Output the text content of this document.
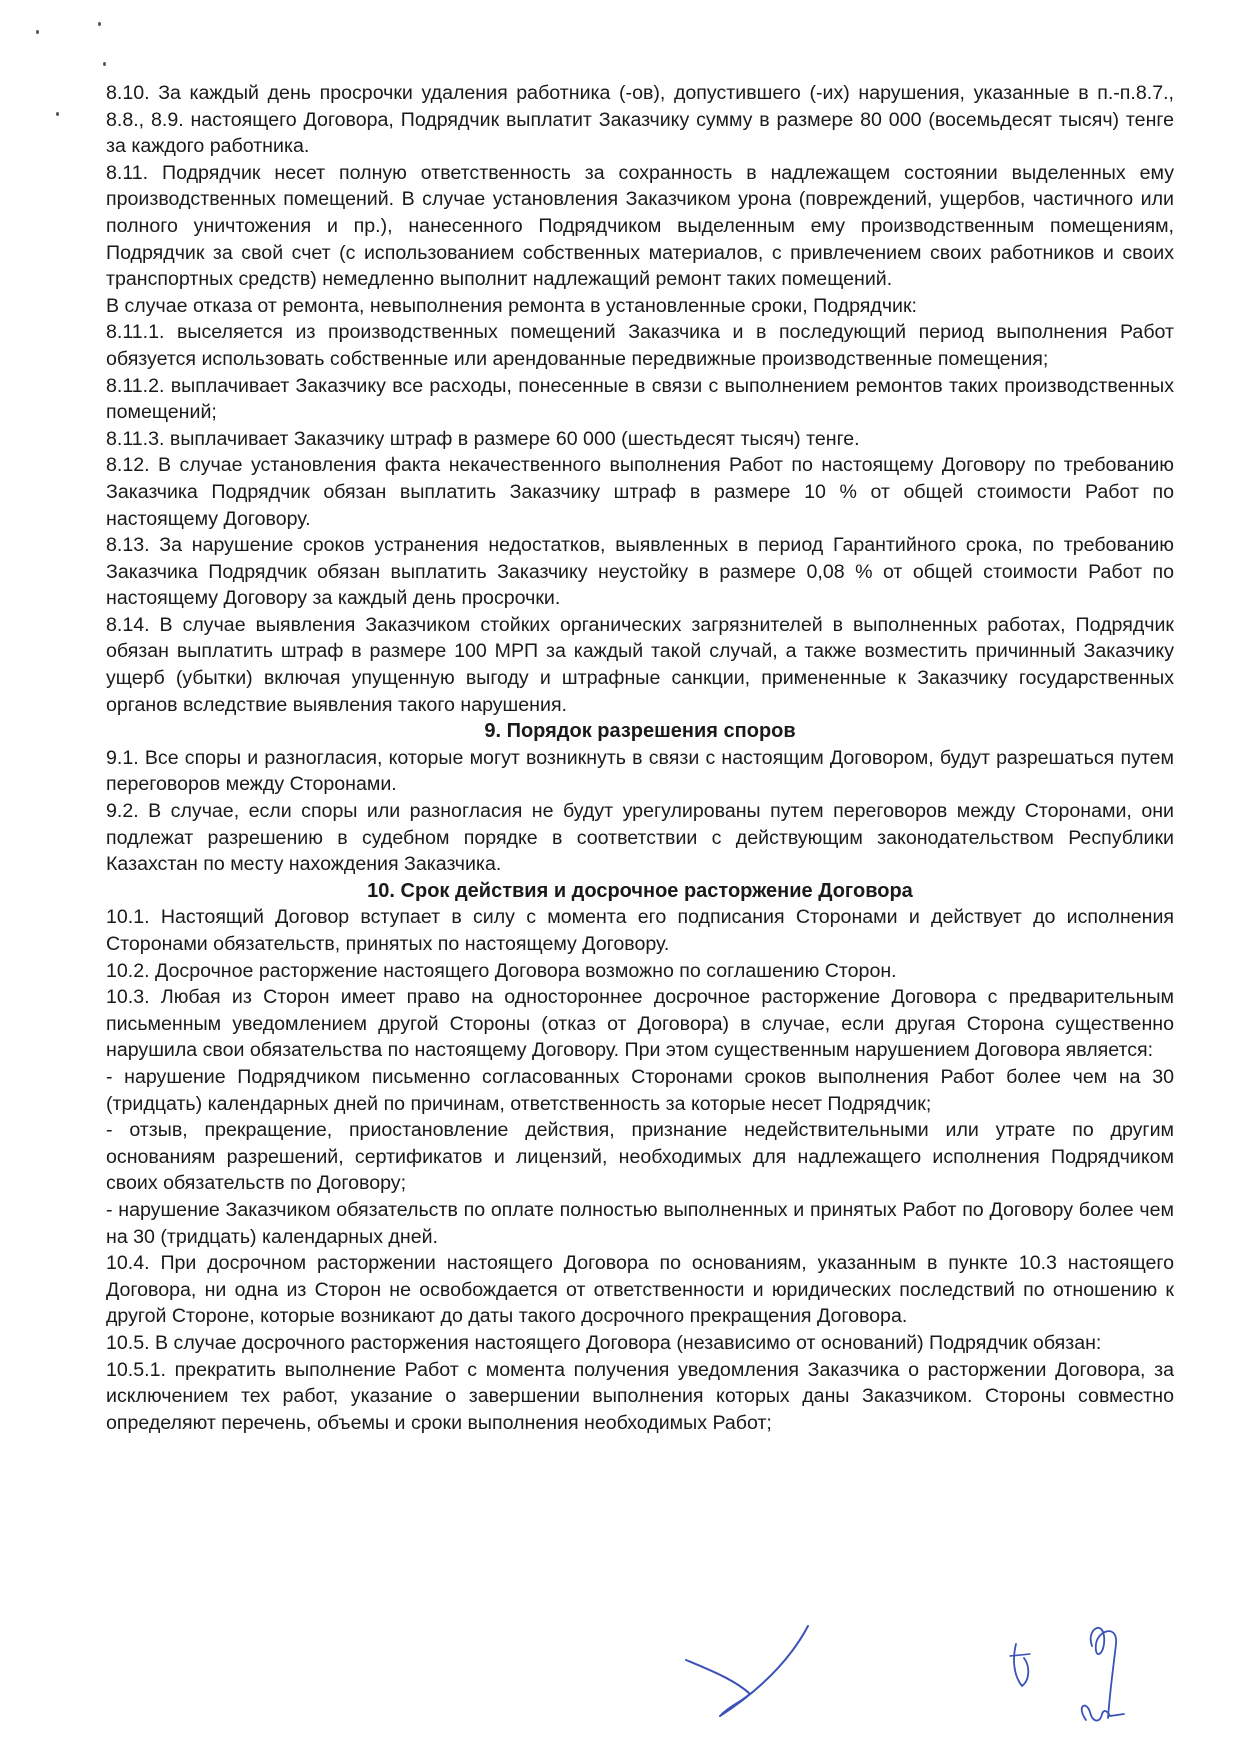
8.10. За каждый день просрочки удаления работника (-ов), допустившего (-их) нарушения, указанные в п.-п.8.7., 8.8., 8.9. настоящего Договора, Подрядчик выплатит Заказчику сумму в размере 80 000 (восемьдесят тысяч) тенге за каждого работника.

8.11. Подрядчик несет полную ответственность за сохранность в надлежащем состоянии выделенных ему производственных помещений. В случае установления Заказчиком урона (повреждений, ущербов, частичного или полного уничтожения и пр.), нанесенного Подрядчиком выделенным ему производственным помещениям, Подрядчик за свой счет (с использованием собственных материалов, с привлечением своих работников и своих транспортных средств) немедленно выполнит надлежащий ремонт таких помещений.

В случае отказа от ремонта, невыполнения ремонта в установленные сроки, Подрядчик:

8.11.1. выселяется из производственных помещений Заказчика и в последующий период выполнения Работ обязуется использовать собственные или арендованные передвижные производственные помещения;

8.11.2. выплачивает Заказчику все расходы, понесенные в связи с выполнением ремонтов таких производственных помещений;

8.11.3. выплачивает Заказчику штраф в размере 60 000 (шестьдесят тысяч) тенге.

8.12. В случае установления факта некачественного выполнения Работ по настоящему Договору по требованию Заказчика Подрядчик обязан выплатить Заказчику штраф в размере 10 % от общей стоимости Работ по настоящему Договору.

8.13. За нарушение сроков устранения недостатков, выявленных в период Гарантийного срока, по требованию Заказчика Подрядчик обязан выплатить Заказчику неустойку в размере 0,08 % от общей стоимости Работ по настоящему Договору за каждый день просрочки.

8.14. В случае выявления Заказчиком стойких органических загрязнителей в выполненных работах, Подрядчик обязан выплатить штраф в размере 100 МРП за каждый такой случай, а также возместить причинный Заказчику ущерб (убытки) включая упущенную выгоду и штрафные санкции, примененные к Заказчику государственных органов вследствие выявления такого нарушения.

9. Порядок разрешения споров

9.1. Все споры и разногласия, которые могут возникнуть в связи с настоящим Договором, будут разрешаться путем переговоров между Сторонами.

9.2. В случае, если споры или разногласия не будут урегулированы путем переговоров между Сторонами, они подлежат разрешению в судебном порядке в соответствии с действующим законодательством Республики Казахстан по месту нахождения Заказчика.

10. Срок действия и досрочное расторжение Договора

10.1. Настоящий Договор вступает в силу с момента его подписания Сторонами и действует до исполнения Сторонами обязательств, принятых по настоящему Договору.

10.2. Досрочное расторжение настоящего Договора возможно по соглашению Сторон.

10.3. Любая из Сторон имеет право на одностороннее досрочное расторжение Договора с предварительным письменным уведомлением другой Стороны (отказ от Договора) в случае, если другая Сторона существенно нарушила свои обязательства по настоящему Договору. При этом существенным нарушением Договора является:

- нарушение Подрядчиком письменно согласованных Сторонами сроков выполнения Работ более чем на 30 (тридцать) календарных дней по причинам, ответственность за которые несет Подрядчик;

- отзыв, прекращение, приостановление действия, признание недействительными или утрате по другим основаниям разрешений, сертификатов и лицензий, необходимых для надлежащего исполнения Подрядчиком своих обязательств по Договору;

- нарушение Заказчиком обязательств по оплате полностью выполненных и принятых Работ по Договору более чем на 30 (тридцать) календарных дней.

10.4. При досрочном расторжении настоящего Договора по основаниям, указанным в пункте 10.3 настоящего Договора, ни одна из Сторон не освобождается от ответственности и юридических последствий по отношению к другой Стороне, которые возникают до даты такого досрочного прекращения Договора.

10.5. В случае досрочного расторжения настоящего Договора (независимо от оснований) Подрядчик обязан:

10.5.1. прекратить выполнение Работ с момента получения уведомления Заказчика о расторжении Договора, за исключением тех работ, указание о завершении выполнения которых даны Заказчиком. Стороны совместно определяют перечень, объемы и сроки выполнения необходимых Работ;
